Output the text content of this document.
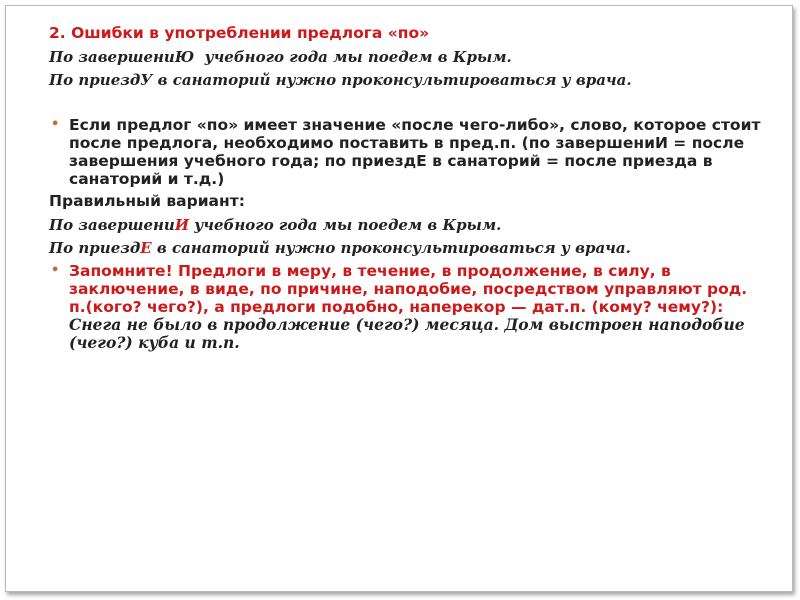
2. Ошибки в употреблении предлога «по»
По завершениЮ  учебного года мы поедем в Крым.
По приездУ в санаторий нужно проконсультироваться у врача.
• Если предлог «по» имеет значение «после чего-либо», слово, которое стоит
после предлога, необходимо поставить в пред.п. (по завершениИ = после
завершения учебного года; по приездЕ в санаторий = после приезда в
санаторий и т.д.)
Правильный вариант:
По завершениИ учебного года мы поедем в Крым.
По приездЕ в санаторий нужно проконсультироваться у врача.
• Запомните! Предлоги в меру, в течение, в продолжение, в силу, в
заключение, в виде, по причине, наподобие, посредством управляют род.
п.(кого? чего?), а предлоги подобно, наперекор — дат.п. (кому? чему?):
Снега не было в продолжение (чего?) месяца. Дом выстроен наподобие
(чего?) куба и т.п.
